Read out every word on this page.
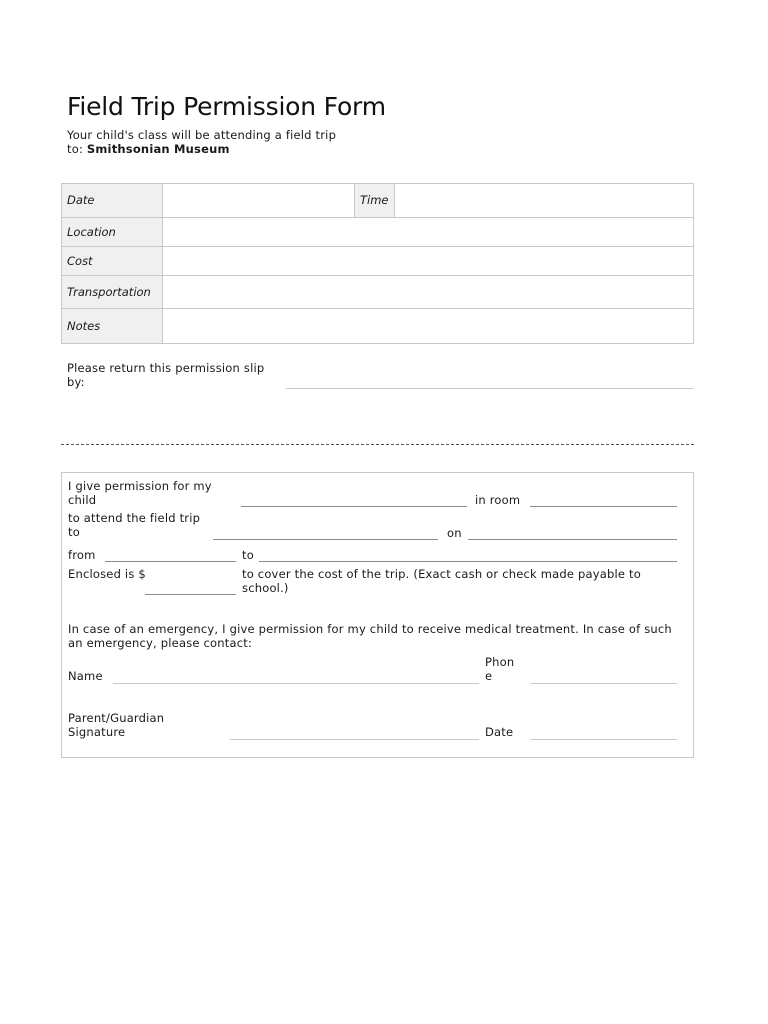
Field Trip Permission Form
Your child's class will be attending a field trip to: Smithsonian Museum
Date		Time	
Location			
Cost			
Transportation			
Notes			
Please return this permission slip by:
I give permission for my child	in room
to attend the field trip to	on
from	to
Enclosed is $	to cover the cost of the trip. (Exact cash or check made payable to school.)
In case of an emergency, I give permission for my child to receive medical treatment. In case of such an emergency, please contact:
Name
Phone
Parent/Guardian Signature	Date
